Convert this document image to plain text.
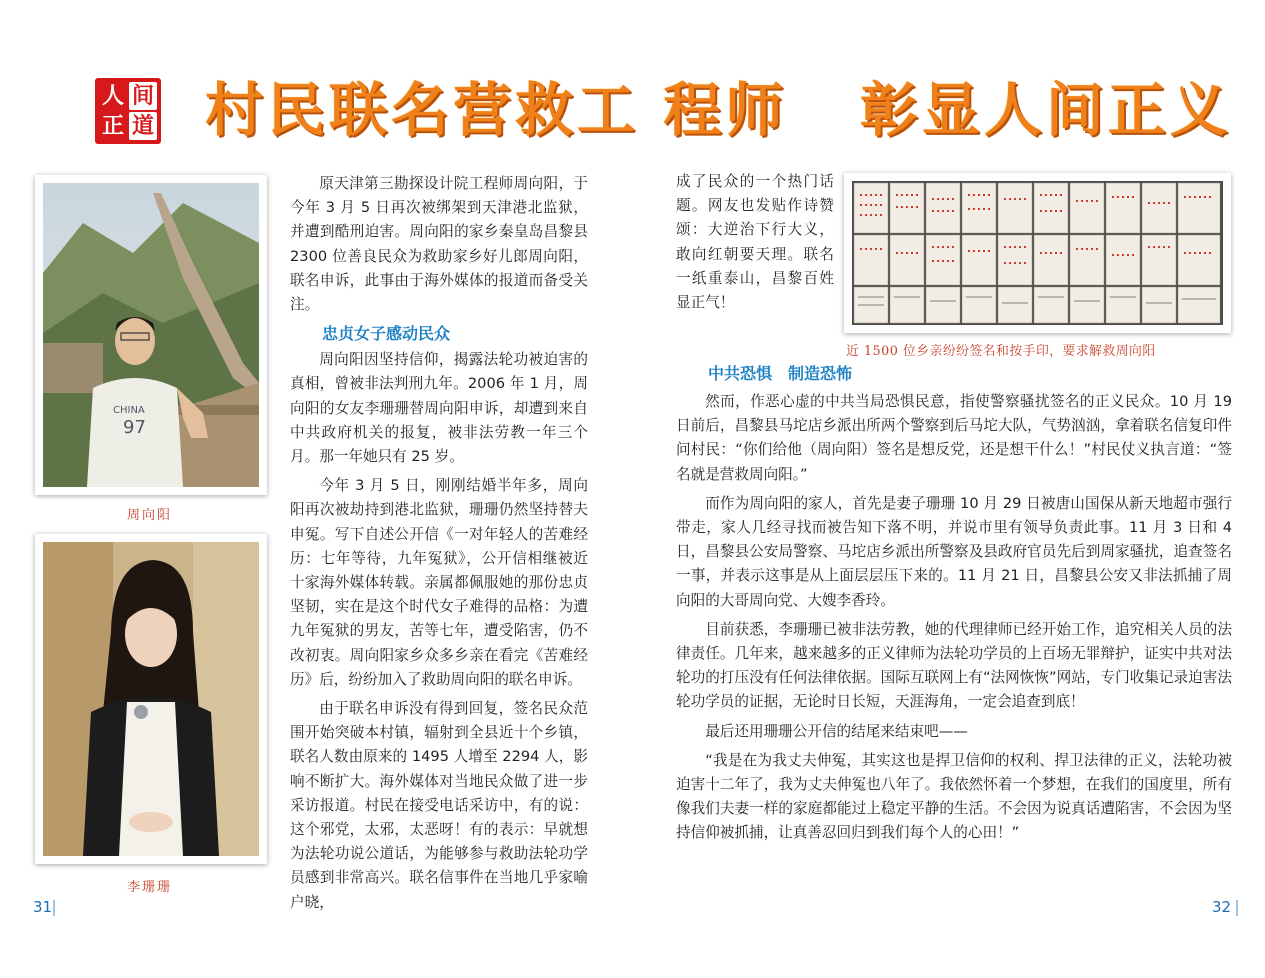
人 间
正 道 村民联名营救工 程师   彰显人间正义
CHINA
97
周向阳
李珊珊
近 1500 位乡亲纷纷签名和按手印，要求解救周向阳

原天津第三勘探设计院工程师周向阳，于今年 3 月 5 日再次被绑架到天津港北监狱，并遭到酷刑迫害。周向阳的家乡秦皇岛昌黎县 2300 位善良民众为救助家乡好儿郎周向阳，联名申诉，此事由于海外媒体的报道而备受关注。

忠贞女子感动民众

周向阳因坚持信仰，揭露法轮功被迫害的真相，曾被非法判刑九年。2006 年 1 月，周向阳的女友李珊珊替周向阳申诉，却遭到来自中共政府机关的报复，被非法劳教一年三个月。那一年她只有 25 岁。

今年 3 月 5 日，刚刚结婚半年多，周向阳再次被劫持到港北监狱，珊珊仍然坚持替夫申冤。写下自述公开信《一对年轻人的苦难经历：七年等待，九年冤狱》，公开信相继被近十家海外媒体转载。亲属都佩服她的那份忠贞坚韧，实在是这个时代女子难得的品格：为遭九年冤狱的男友，苦等七年，遭受陷害，仍不改初衷。周向阳家乡众多乡亲在看完《苦难经历》后，纷纷加入了救助周向阳的联名申诉。

由于联名申诉没有得到回复，签名民众范围开始突破本村镇，辐射到全县近十个乡镇，联名人数由原来的 1495 人增至 2294 人，影响不断扩大。海外媒体对当地民众做了进一步采访报道。村民在接受电话采访中，有的说：这个邪党，太邪，太恶呀！有的表示：早就想为法轮功说公道话，为能够参与救助法轮功学员感到非常高兴。联名信事件在当地几乎家喻户晓，

成了民众的一个热门话题。网友也发贴作诗赞颂：大逆治下行大义，敢向红朝要天理。联名一纸重泰山，昌黎百姓显正气！

中共恐惧　制造恐怖

然而，作恶心虚的中共当局恐惧民意，指使警察骚扰签名的正义民众。10 月 19 日前后，昌黎县马坨店乡派出所两个警察到后马坨大队，气势汹汹，拿着联名信复印件问村民：“你们给他（周向阳）签名是想反党，还是想干什么！”村民仗义执言道：“签名就是营救周向阳。”

而作为周向阳的家人，首先是妻子珊珊 10 月 29 日被唐山国保从新天地超市强行带走，家人几经寻找而被告知下落不明，并说市里有领导负责此事。11 月 3 日和 4 日，昌黎县公安局警察、马坨店乡派出所警察及县政府官员先后到周家骚扰，追查签名一事，并表示这事是从上面层层压下来的。11 月 21 日，昌黎县公安又非法抓捕了周向阳的大哥周向党、大嫂李香玲。

目前获悉，李珊珊已被非法劳教，她的代理律师已经开始工作，追究相关人员的法律责任。几年来，越来越多的正义律师为法轮功学员的上百场无罪辩护，证实中共对法轮功的打压没有任何法律依据。国际互联网上有“法网恢恢”网站，专门收集记录迫害法轮功学员的证据，无论时日长短，天涯海角，一定会追查到底！

最后还用珊珊公开信的结尾来结束吧——

“我是在为我丈夫伸冤，其实这也是捍卫信仰的权利、捍卫法律的正义，法轮功被迫害十二年了，我为丈夫伸冤也八年了。我依然怀着一个梦想，在我们的国度里，所有像我们夫妻一样的家庭都能过上稳定平静的生活。不会因为说真话遭陷害，不会因为坚持信仰被抓捕，让真善忍回归到我们每个人的心田！”

31	32
